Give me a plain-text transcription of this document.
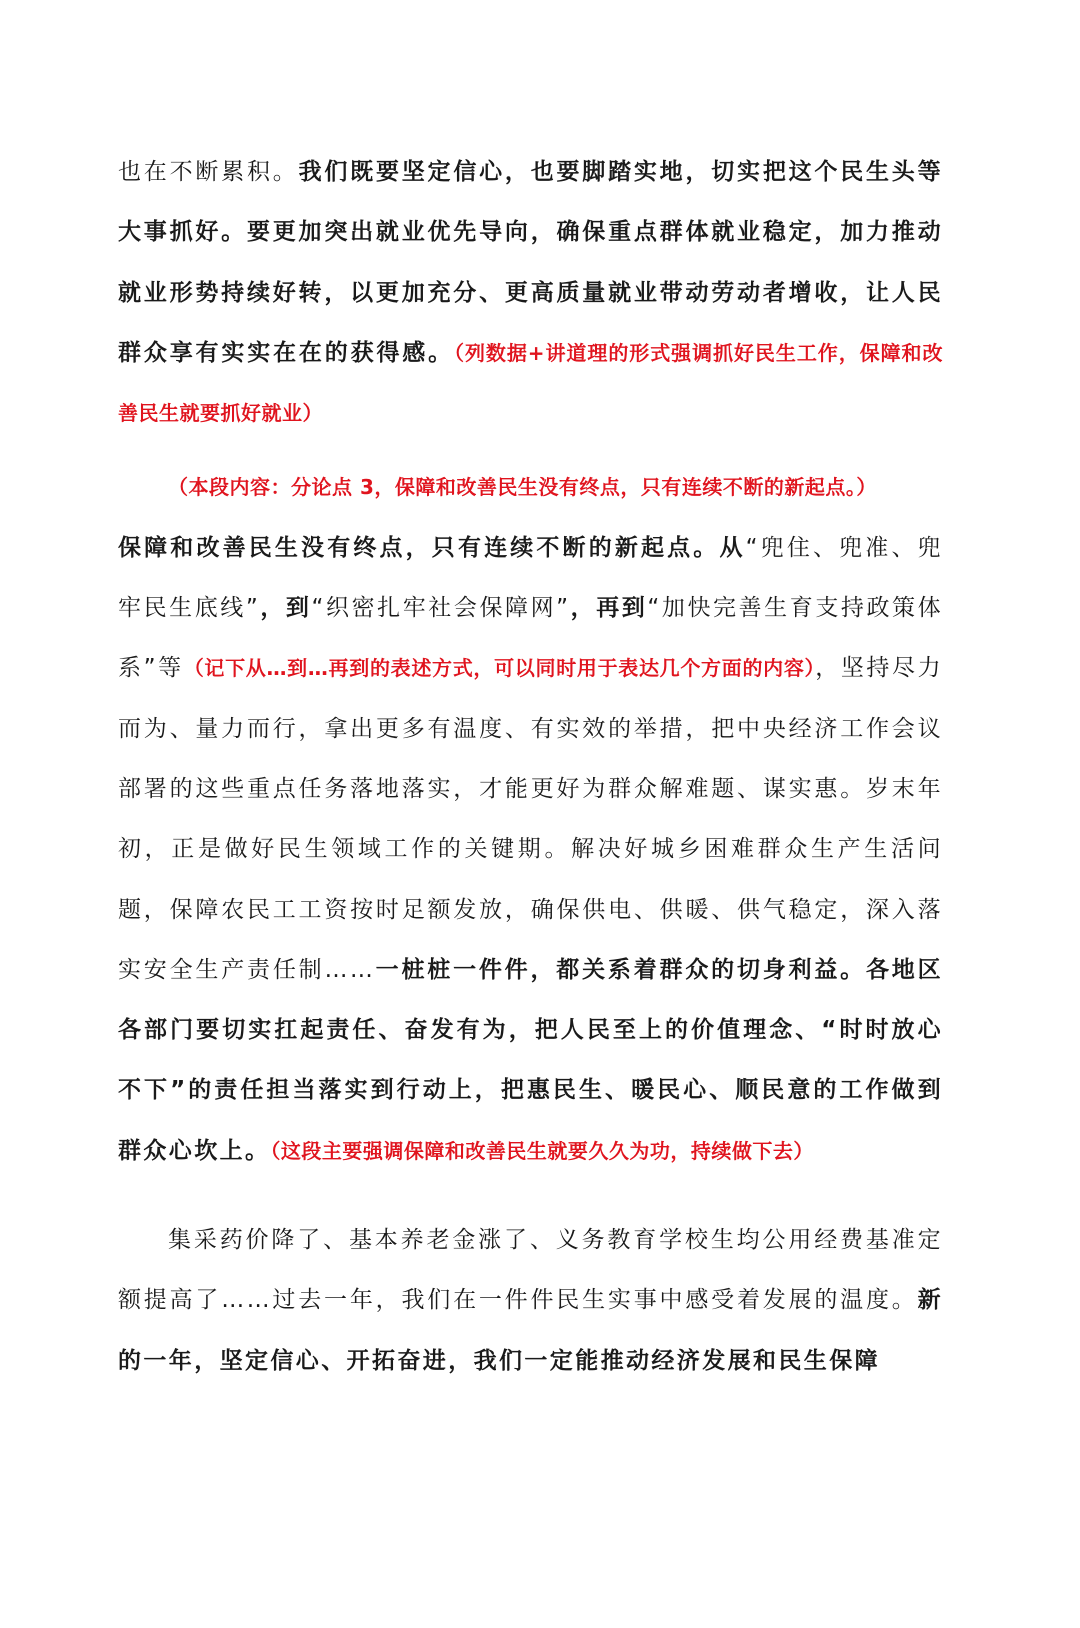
也在不断累积。我们既要坚定信心，也要脚踏实地，切实把这个民生头等大事抓好。要更加突出就业优先导向，确保重点群体就业稳定，加力推动就业形势持续好转，以更加充分、更高质量就业带动劳动者增收，让人民群众享有实实在在的获得感。（列数据+讲道理的形式强调抓好民生工作，保障和改善民生就要抓好就业）

（本段内容：分论点 3，保障和改善民生没有终点，只有连续不断的新起点。）

保障和改善民生没有终点，只有连续不断的新起点。从“兜住、兜准、兜牢民生底线”，到“织密扎牢社会保障网”，再到“加快完善生育支持政策体系”等（记下从…到…再到的表述方式，可以同时用于表达几个方面的内容），坚持尽力而为、量力而行，拿出更多有温度、有实效的举措，把中央经济工作会议部署的这些重点任务落地落实，才能更好为群众解难题、谋实惠。岁末年初，正是做好民生领域工作的关键期。解决好城乡困难群众生产生活问题，保障农民工工资按时足额发放，确保供电、供暖、供气稳定，深入落实安全生产责任制……一桩桩一件件，都关系着群众的切身利益。各地区各部门要切实扛起责任、奋发有为，把人民至上的价值理念、“时时放心不下”的责任担当落实到行动上，把惠民生、暖民心、顺民意的工作做到群众心坎上。（这段主要强调保障和改善民生就要久久为功，持续做下去）

集采药价降了、基本养老金涨了、义务教育学校生均公用经费基准定额提高了……过去一年，我们在一件件民生实事中感受着发展的温度。新的一年，坚定信心、开拓奋进，我们一定能推动经济发展和民生保障
